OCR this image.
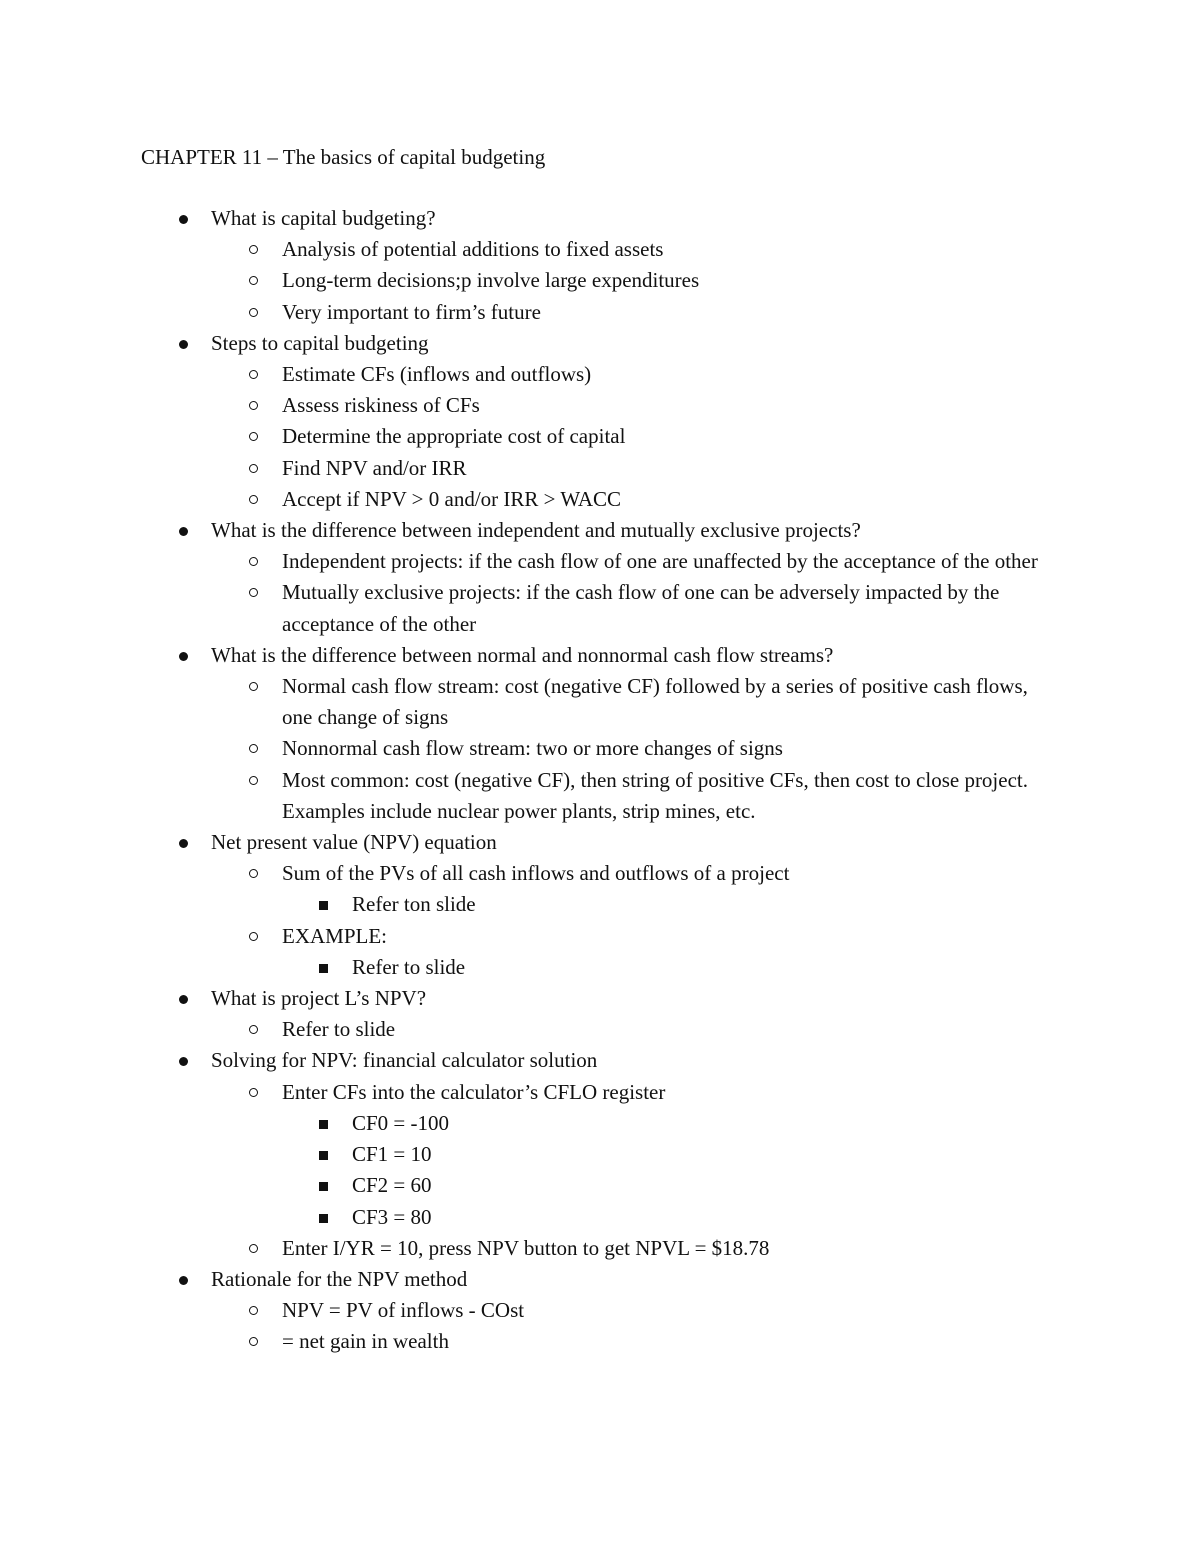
CHAPTER 11 – The basics of capital budgeting
What is capital budgeting?
Analysis of potential additions to fixed assets
Long-term decisions;p involve large expenditures
Very important to firm’s future
Steps to capital budgeting
Estimate CFs (inflows and outflows)
Assess riskiness of CFs
Determine the appropriate cost of capital
Find NPV and/or IRR
Accept if NPV > 0 and/or IRR > WACC
What is the difference between independent and mutually exclusive projects?
Independent projects: if the cash flow of one are unaffected by the acceptance of the other
Mutually exclusive projects: if the cash flow of one can be adversely impacted by the acceptance of the other
What is the difference between normal and nonnormal cash flow streams?
Normal cash flow stream: cost (negative CF) followed by a series of positive cash flows, one change of signs
Nonnormal cash flow stream: two or more changes of signs
Most common: cost (negative CF), then string of positive CFs, then cost to close project. Examples include nuclear power plants, strip mines, etc.
Net present value (NPV) equation
Sum of the PVs of all cash inflows and outflows of a project
Refer ton slide
EXAMPLE:
Refer to slide
What is project L’s NPV?
Refer to slide
Solving for NPV: financial calculator solution
Enter CFs into the calculator’s CFLO register
CF0 = -100
CF1 = 10
CF2 = 60
CF3 = 80
Enter I/YR = 10, press NPV button to get NPVL = $18.78
Rationale for the NPV method
NPV = PV of inflows - COst
= net gain in wealth
